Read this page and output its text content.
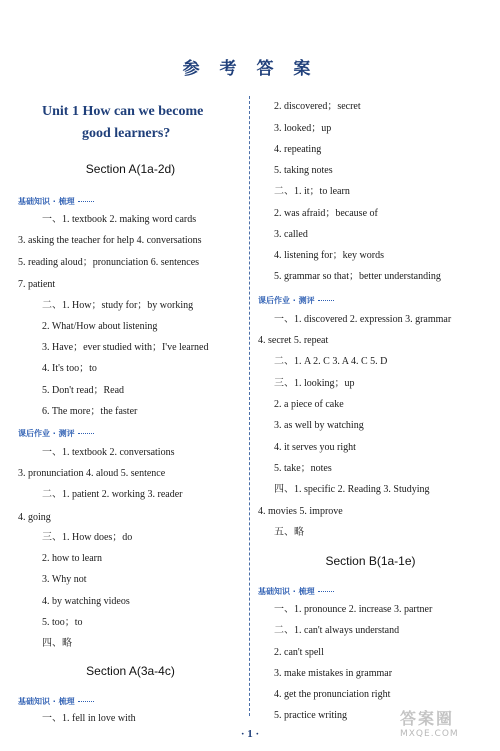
参 考 答 案
Unit 1 How can we become
good learners?
Section A(1a-2d)
基础知识 · 梳理
一、1. textbook 2. making word cards
3. asking the teacher for help 4. conversations
5. reading aloud；pronunciation 6. sentences
7. patient
二、1. How；study for；by working
2. What/How about listening
3. Have；ever studied with；I've learned
4. It's too；to
5. Don't read；Read
6. The more；the faster
课后作业 · 测评
一、1. textbook 2. conversations
3. pronunciation 4. aloud 5. sentence
二、1. patient 2. working 3. reader
4. going
三、1. How does；do
2. how to learn
3. Why not
4. by watching videos
5. too；to
四、略
Section A(3a-4c)
基础知识 · 梳理
一、1. fell in love with
2. discovered；secret
3. looked；up
4. repeating
5. taking notes
二、1. it；to learn
2. was afraid；because of
3. called
4. listening for；key words
5. grammar so that；better understanding
课后作业 · 测评
一、1. discovered 2. expression 3. grammar
4. secret 5. repeat
二、1. A 2. C 3. A 4. C 5. D
三、1. looking；up
2. a piece of cake
3. as well by watching
4. it serves you right
5. take；notes
四、1. specific 2. Reading 3. Studying
4. movies 5. improve
五、略
Section B(1a-1e)
基础知识 · 梳理
一、1. pronounce 2. increase 3. partner
二、1. can't always understand
2. can't spell
3. make mistakes in grammar
4. get the pronunciation right
5. practice writing
· 1 ·
答案圈
MXQE.COM
